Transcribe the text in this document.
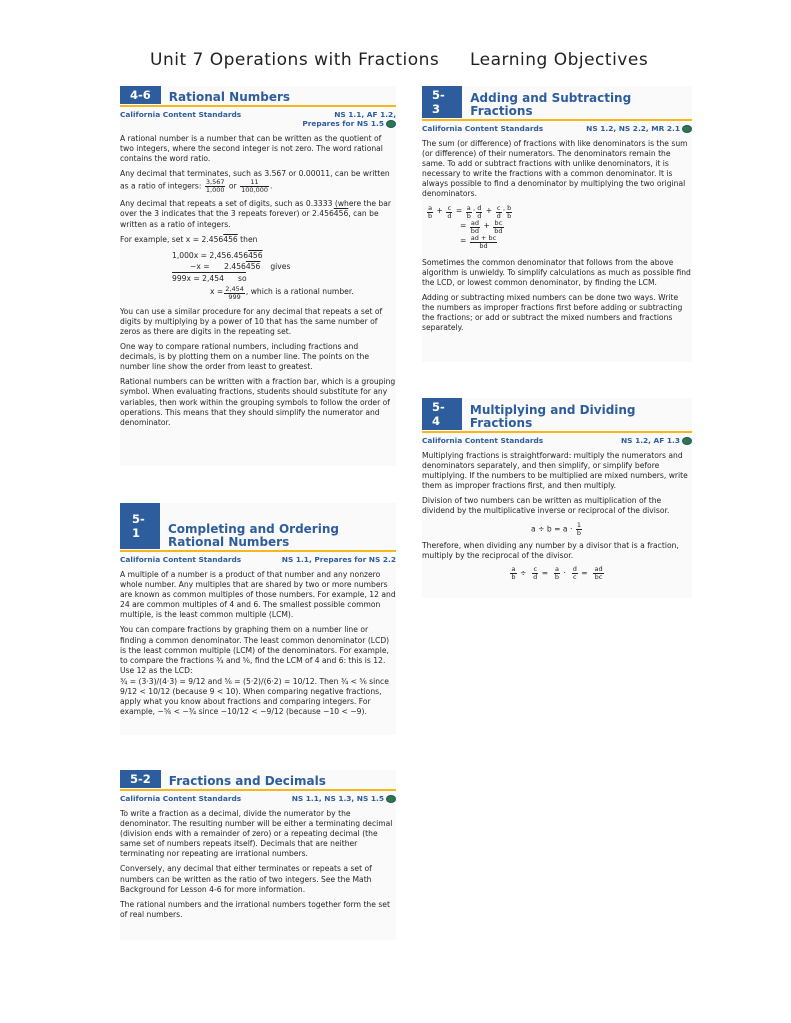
Unit 7 Operations with Fractions Learning Objectives
4-6	Rational Numbers
California Content Standards	NS 1.1, AF 1.2,
Prepares for NS 1.5

A rational number is a number that can be written as the quotient of two integers, where the second integer is not zero. The word rational contains the word ratio.

Any decimal that terminates, such as 3.567 or 0.00011, can be written as a ratio of integers: $\frac{3,567}{1,000}$ or $\frac{11}{100,000}$ .

Any decimal that repeats a set of digits, such as 0.3333 (where the bar over the 3 indicates that the 3 repeats forever) or 2.456456, can be written as a ratio of integers.

For example, set x = 2.456456 then

1,000x = 2,456.456 456
−x =      2.456 456 gives
999x = 2,454 so
$x = \frac{2,454}{999}$ , which is a rational number.

You can use a similar procedure for any decimal that repeats a set of digits by multiplying by a power of 10 that has the same number of zeros as there are digits in the repeating set.

One way to compare rational numbers, including fractions and decimals, is by plotting them on a number line. The points on the number line show the order from least to greatest.

Rational numbers can be written with a fraction bar, which is a grouping symbol. When evaluating fractions, students should substitute for any variables, then work within the grouping symbols to follow the order of operations. This means that they should simplify the numerator and denominator.

5-1	Completing and Ordering Rational Numbers
California Content Standards	NS 1.1, Prepares for NS 2.2

A multiple of a number is a product of that number and any nonzero whole number. Any multiples that are shared by two or more numbers are known as common multiples of those numbers. For example, 12 and 24 are common multiples of 4 and 6. The smallest possible common multiple, is the least common multiple (LCM).

You can compare fractions by graphing them on a number line or finding a common denominator. The least common denominator (LCD) is the least common multiple (LCM) of the denominators. For example, to compare the fractions ¾ and ⅚, find the LCM of 4 and 6: this is 12. Use 12 as the LCD:

¾ = (3·3)/(4·3) = 9/12 and ⅚ = (5·2)/(6·2) = 10/12. Then ¾ < ⅚ since 9/12 < 10/12 (because 9 < 10). When comparing negative fractions, apply what you know about fractions and comparing integers. For example, −⅚ < −¾ since −10/12 < −9/12 (because −10 < −9).

5-2	Fractions and Decimals
California Content Standards	NS 1.1, NS 1.3, NS 1.5

To write a fraction as a decimal, divide the numerator by the denominator. The resulting number will be either a terminating decimal (division ends with a remainder of zero) or a repeating decimal (the same set of numbers repeats itself). Decimals that are neither terminating nor repeating are irrational numbers.

Conversely, any decimal that either terminates or repeats a set of numbers can be written as the ratio of two integers. See the Math Background for Lesson 4-6 for more information.

The rational numbers and the irrational numbers together form the set of real numbers.

5-3
Adding and Subtracting Fractions
California Content Standards	NS 1.2, NS 2.2, MR 2.1

The sum (or difference) of fractions with like denominators is the sum (or difference) of their numerators. The denominators remain the same. To add or subtract fractions with unlike denominators, it is necessary to write the fractions with a common denominator. It is always possible to find a denominator by multiplying the two original denominators.

$\frac{a}{b} + \frac{c}{d} = \frac{a}{b} \cdot \frac{d}{d} + \frac{c}{d} \cdot \frac{b}{b}$
= $\frac{ad}{bd} + \frac{bc}{bd}$
= $\frac{ad + bc}{bd}$

Sometimes the common denominator that follows from the above algorithm is unwieldy. To simplify calculations as much as possible find the LCD, or lowest common denominator, by finding the LCM.

Adding or subtracting mixed numbers can be done two ways. Write the numbers as improper fractions first before adding or subtracting the fractions; or add or subtract the mixed numbers and fractions separately.

5-4
Multiplying and Dividing Fractions
California Content Standards	NS 1.2, AF 1.3

Multiplying fractions is straightforward: multiply the numerators and denominators separately, and then simplify, or simplify before multiplying. If the numbers to be multiplied are mixed numbers, write them as improper fractions first, and then multiply.

Division of two numbers can be written as multiplication of the dividend by the multiplicative inverse or reciprocal of the divisor.

$a \div b = a \cdot \frac{1}{b}$

Therefore, when dividing any number by a divisor that is a fraction, multiply by the reciprocal of the divisor.

$\frac{a}{b} \div \frac{c}{d} = \frac{a}{b} \cdot \frac{d}{c} = \frac{ad}{bc}$
